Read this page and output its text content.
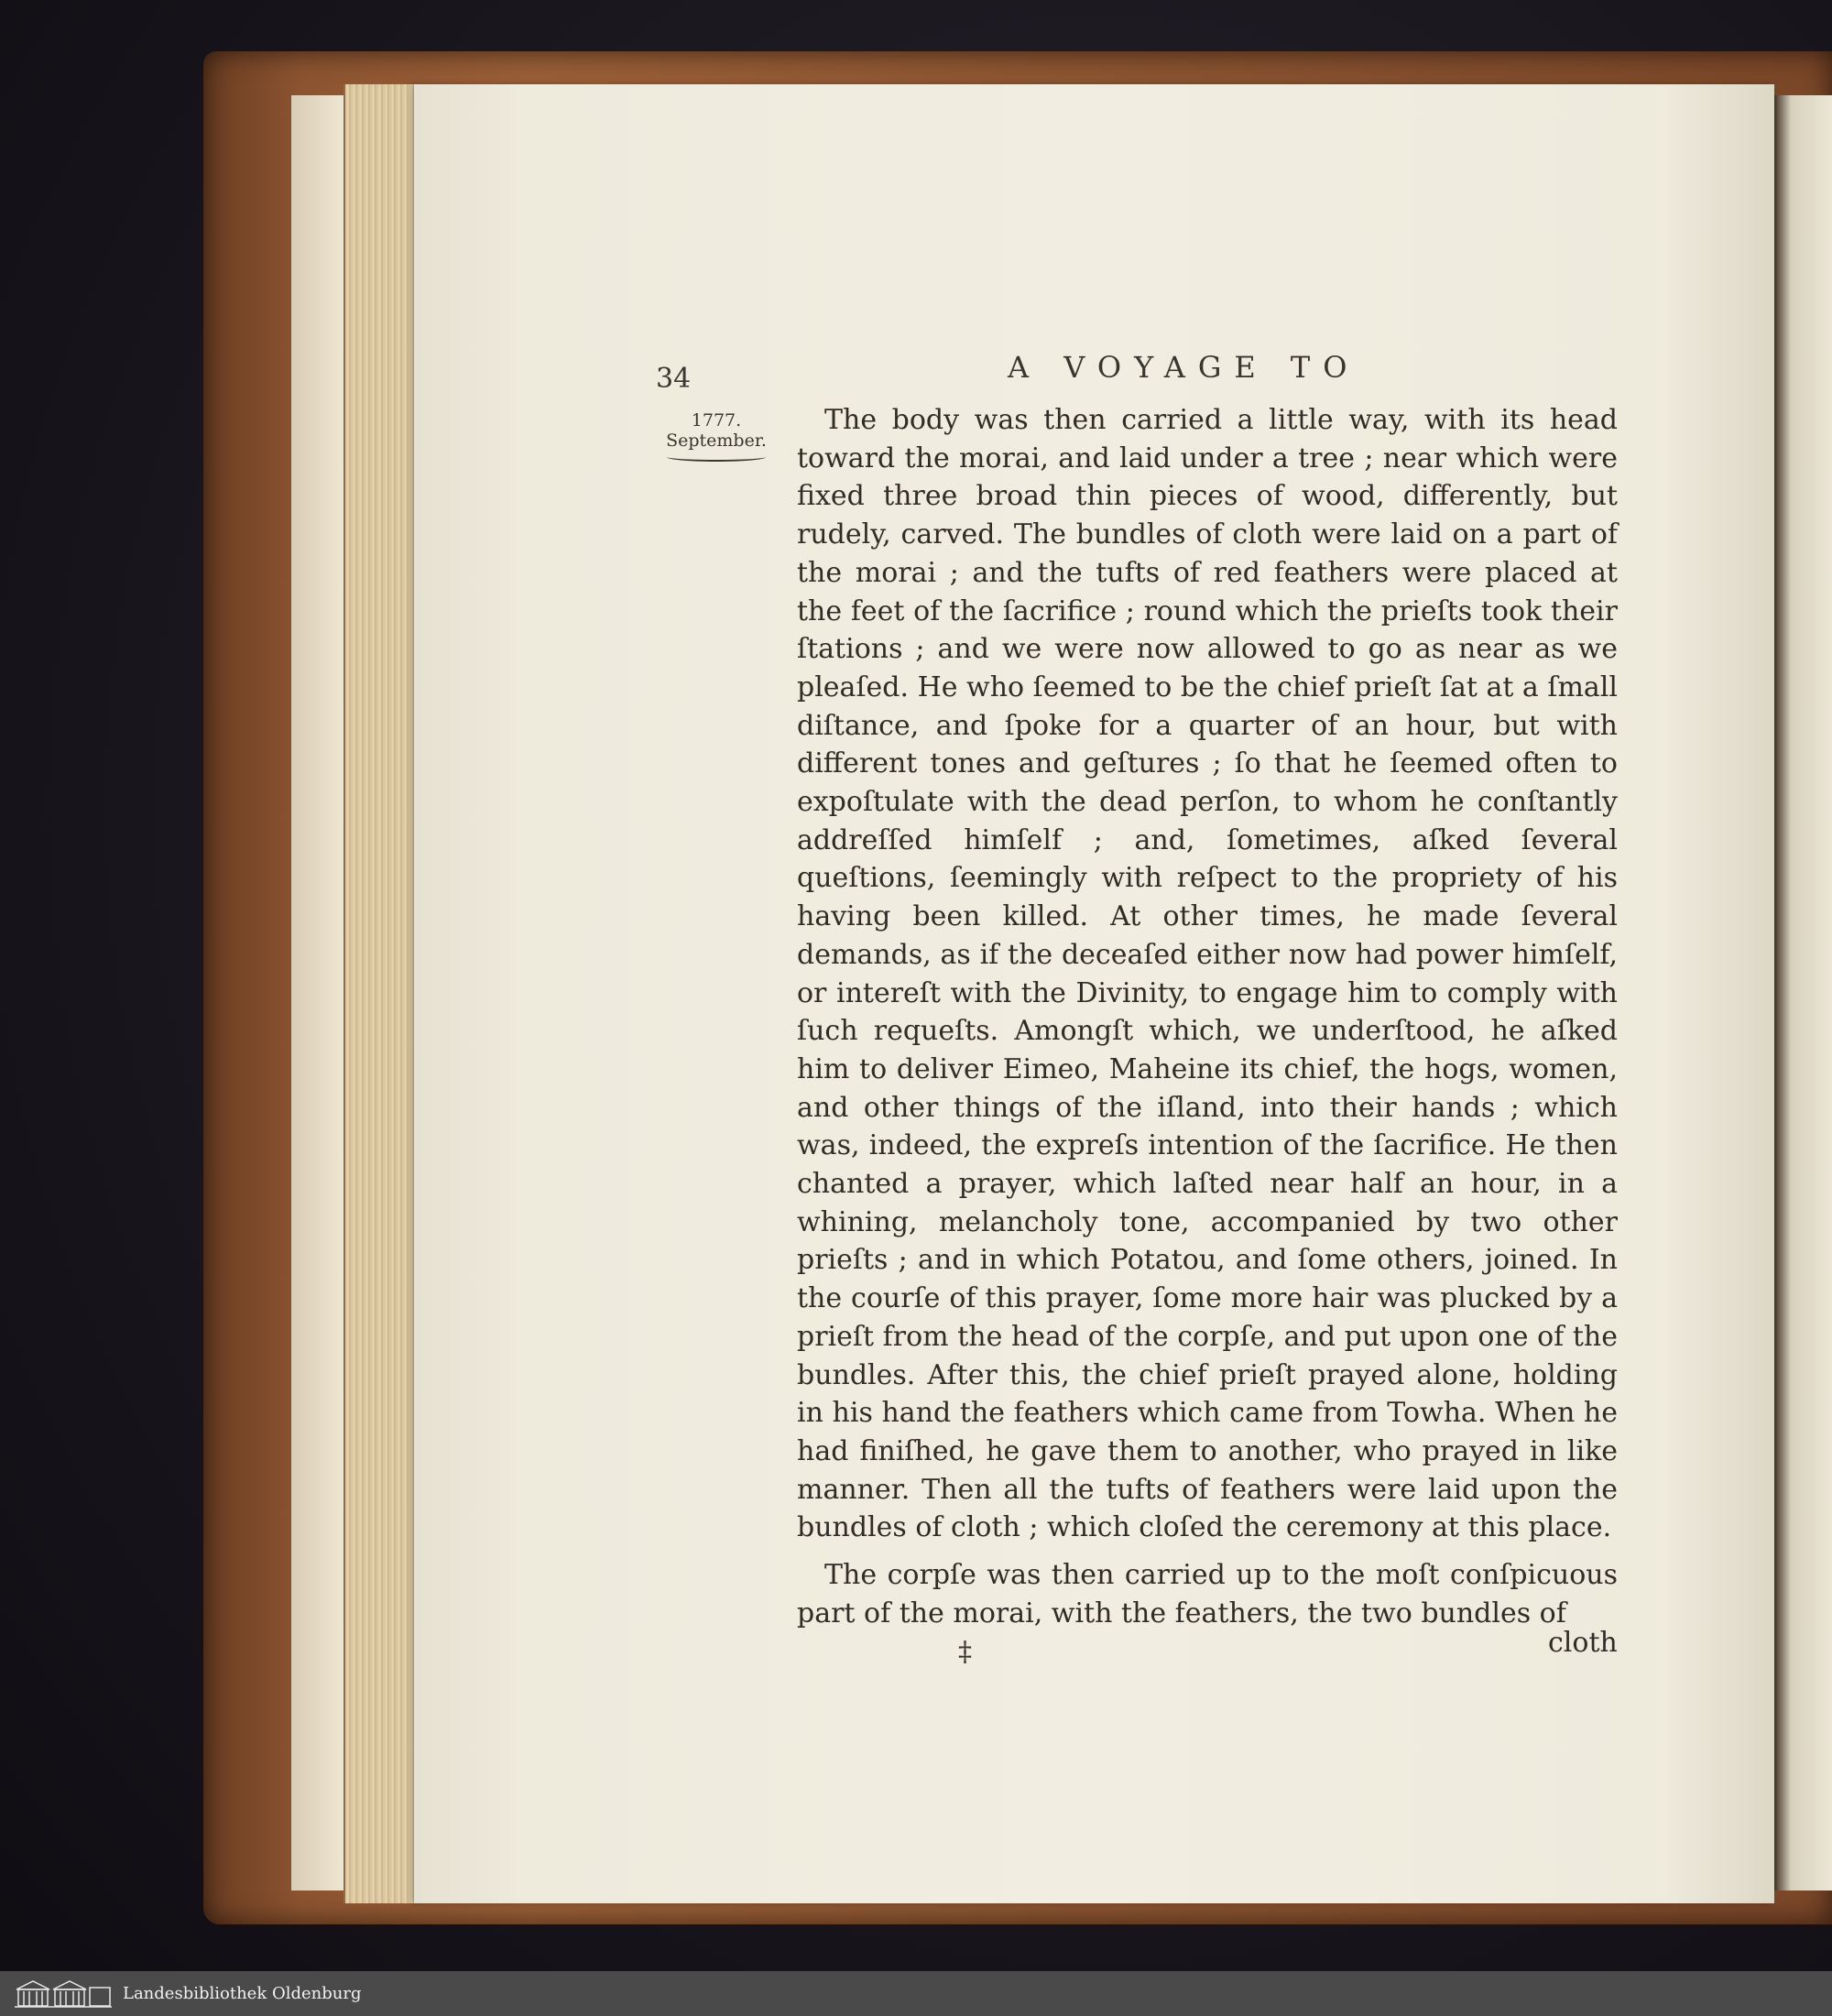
34	A VOYAGE TO
1777.
September.

The body was then carried a little way, with its head toward the morai, and laid under a tree ; near which were fixed three broad thin pieces of wood, differently, but rudely, carved. The bundles of cloth were laid on a part of the morai ; and the tufts of red feathers were placed at the feet of the ſacrifice ; round which the prieſts took their ſtations ; and we were now allowed to go as near as we pleaſed. He who ſeemed to be the chief prieſt ſat at a ſmall diſtance, and ſpoke for a quarter of an hour, but with different tones and geſtures ; ſo that he ſeemed often to expoſtulate with the dead perſon, to whom he conſtantly addreſſed himſelf ; and, ſometimes, aſked ſeveral queſtions, ſeemingly with reſpect to the propriety of his having been killed. At other times, he made ſeveral demands, as if the deceaſed either now had power himſelf, or intereſt with the Divinity, to engage him to comply with ſuch requeſts. Amongſt which, we underſtood, he aſked him to deliver Eimeo, Maheine its chief, the hogs, women, and other things of the iſland, into their hands ; which was, indeed, the expreſs intention of the ſacrifice. He then chanted a prayer, which laſted near half an hour, in a whining, melancholy tone, accompanied by two other prieſts ; and in which Potatou, and ſome others, joined. In the courſe of this prayer, ſome more hair was plucked by a prieſt from the head of the corpſe, and put upon one of the bundles. After this, the chief prieſt prayed alone, holding in his hand the feathers which came from Towha. When he had finiſhed, he gave them to another, who prayed in like manner. Then all the tufts of feathers were laid upon the bundles of cloth ; which cloſed the ceremony at this place.

The corpſe was then carried up to the moſt conſpicuous part of the morai, with the feathers, the two bundles of

‡	cloth
Landesbibliothek Oldenburg
